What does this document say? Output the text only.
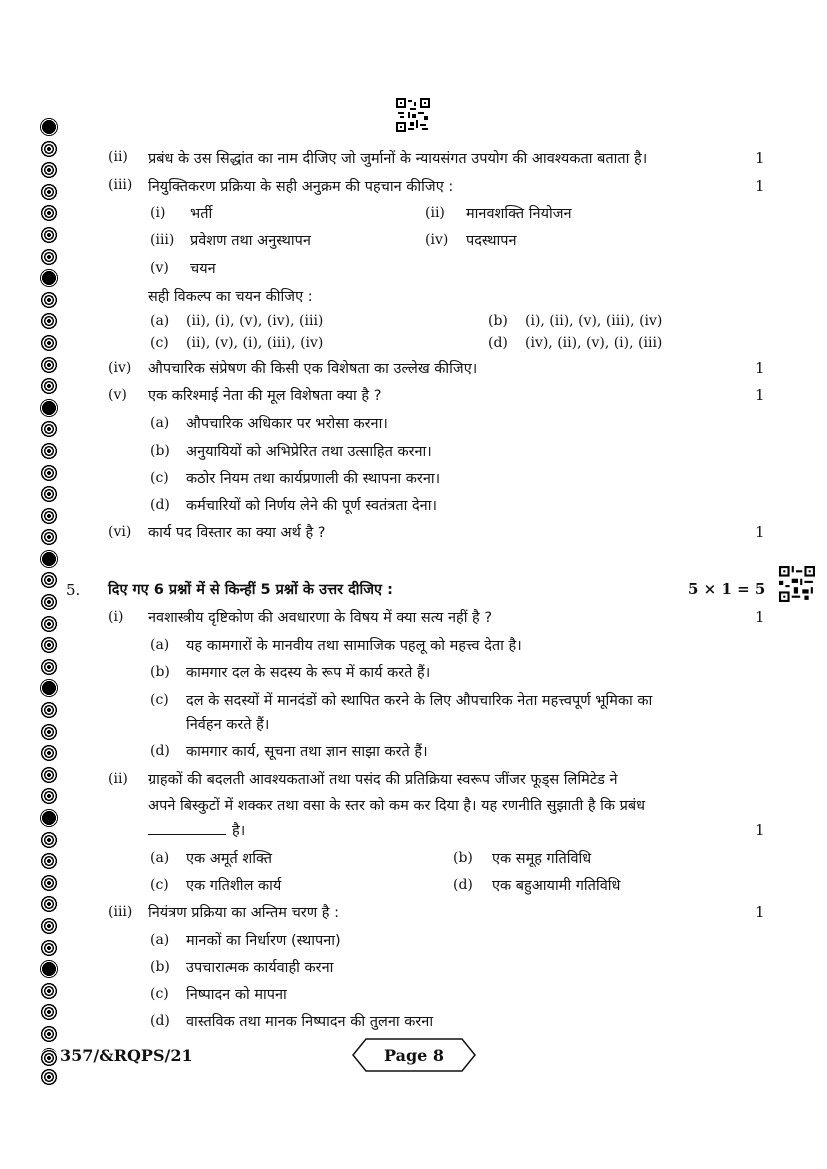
(ii) प्रबंध के उस सिद्धांत का नाम दीजिए जो जुर्मानों के न्यायसंगत उपयोग की आवश्यकता बताता है।	1
(iii) नियुक्तिकरण प्रक्रिया के सही अनुक्रम की पहचान कीजिए :	1
(i) भर्ती	(ii) मानवशक्ति नियोजन
(iii) प्रवेशण तथा अनुस्थापन	(iv) पदस्थापन
(v) चयन
सही विकल्प का चयन कीजिए :
(a) (ii), (i), (v), (iv), (iii)	(b) (i), (ii), (v), (iii), (iv)
(c) (ii), (v), (i), (iii), (iv)	(d) (iv), (ii), (v), (i), (iii)
(iv) औपचारिक संप्रेषण की किसी एक विशेषता का उल्लेख कीजिए।	1
(v) एक करिश्माई नेता की मूल विशेषता क्या है ?	1
(a) औपचारिक अधिकार पर भरोसा करना।
(b) अनुयायियों को अभिप्रेरित तथा उत्साहित करना।
(c) कठोर नियम तथा कार्यप्रणाली की स्थापना करना।
(d) कर्मचारियों को निर्णय लेने की पूर्ण स्वतंत्रता देना।
(vi) कार्य पद विस्तार का क्या अर्थ है ?	1
5. दिए गए 6 प्रश्नों में से किन्हीं 5 प्रश्नों के उत्तर दीजिए :	5 × 1 = 5
(i) नवशास्त्रीय दृष्टिकोण की अवधारणा के विषय में क्या सत्य नहीं है ?	1
(a) यह कामगारों के मानवीय तथा सामाजिक पहलू को महत्त्व देता है।
(b) कामगार दल के सदस्य के रूप में कार्य करते हैं।
(c) दल के सदस्यों में मानदंडों को स्थापित करने के लिए औपचारिक नेता महत्त्वपूर्ण भूमिका का
निर्वहन करते हैं।
(d) कामगार कार्य, सूचना तथा ज्ञान साझा करते हैं।
(ii) ग्राहकों की बदलती आवश्यकताओं तथा पसंद की प्रतिक्रिया स्वरूप जींजर फूड्स लिमिटेड ने
अपने बिस्कुटों में शक्कर तथा वसा के स्तर को कम कर दिया है। यह रणनीति सुझाती है कि प्रबंध
है।	1
(a) एक अमूर्त शक्ति	(b) एक समूह गतिविधि
(c) एक गतिशील कार्य	(d) एक बहुआयामी गतिविधि
(iii) नियंत्रण प्रक्रिया का अन्तिम चरण है :	1
(a) मानकों का निर्धारण (स्थापना)
(b) उपचारात्मक कार्यवाही करना
(c) निष्पादन को मापना
(d) वास्तविक तथा मानक निष्पादन की तुलना करना
357/&RQPS/21	Page 8
